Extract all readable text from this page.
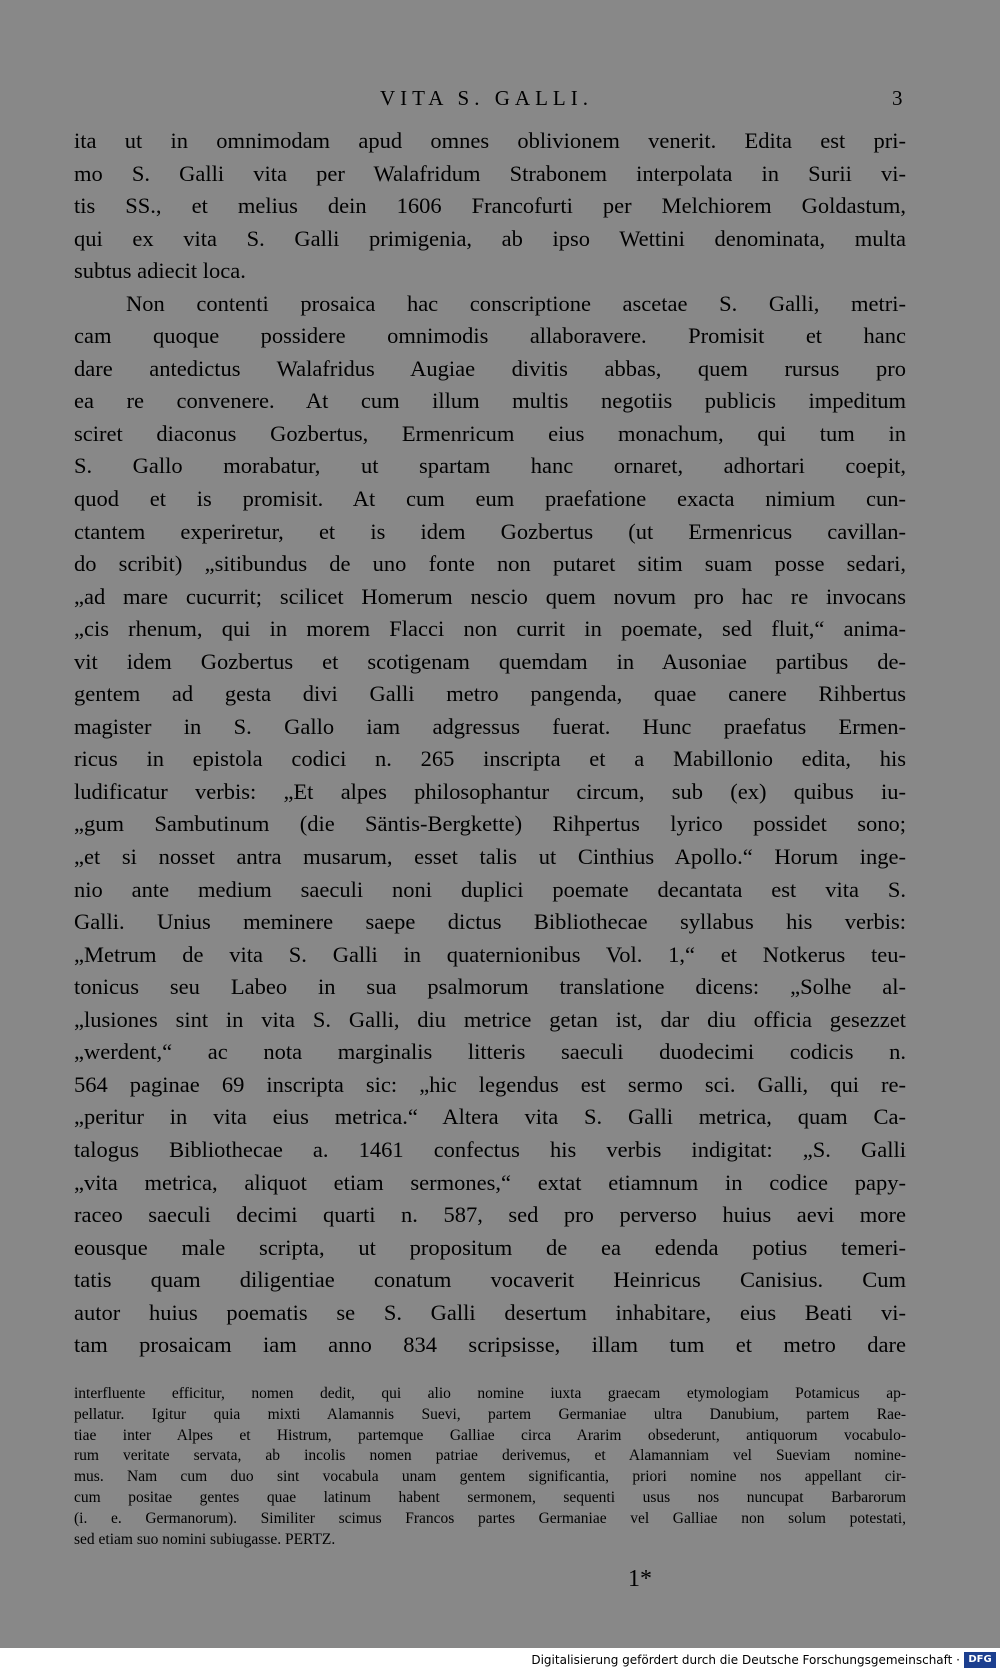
VITA S. GALLI.	3
ita ut in omnimodam apud omnes oblivionem venerit. Edita est pri-
mo S. Galli vita per Walafridum Strabonem interpolata in Surii vi-
tis SS., et melius dein 1606 Francofurti per Melchiorem Goldastum,
qui ex vita S. Galli primigenia, ab ipso Wettini denominata, multa
subtus adiecit loca.
Non contenti prosaica hac conscriptione ascetae S. Galli, metri-
cam quoque possidere omnimodis allaboravere. Promisit et hanc
dare antedictus Walafridus Augiae divitis abbas, quem rursus pro
ea re convenere. At cum illum multis negotiis publicis impeditum
sciret diaconus Gozbertus, Ermenricum eius monachum, qui tum in
S. Gallo morabatur, ut spartam hanc ornaret, adhortari coepit,
quod et is promisit. At cum eum praefatione exacta nimium cun-
ctantem experiretur, et is idem Gozbertus (ut Ermenricus cavillan-
do scribit) „sitibundus de uno fonte non putaret sitim suam posse sedari,
„ad mare cucurrit; scilicet Homerum nescio quem novum pro hac re invocans
„cis rhenum, qui in morem Flacci non currit in poemate, sed fluit,“ anima-
vit idem Gozbertus et scotigenam quemdam in Ausoniae partibus de-
gentem ad gesta divi Galli metro pangenda, quae canere Rihbertus
magister in S. Gallo iam adgressus fuerat. Hunc praefatus Ermen-
ricus in epistola codici n. 265 inscripta et a Mabillonio edita, his
ludificatur verbis: „Et alpes philosophantur circum, sub (ex) quibus iu-
„gum Sambutinum (die Säntis-Bergkette) Rihpertus lyrico possidet sono;
„et si nosset antra musarum, esset talis ut Cinthius Apollo.“ Horum inge-
nio ante medium saeculi noni duplici poemate decantata est vita S.
Galli. Unius meminere saepe dictus Bibliothecae syllabus his verbis:
„Metrum de vita S. Galli in quaternionibus Vol. 1,“ et Notkerus teu-
tonicus seu Labeo in sua psalmorum translatione dicens: „Solhe al-
„lusiones sint in vita S. Galli, diu metrice getan ist, dar diu officia gesezzet
„werdent,“ ac nota marginalis litteris saeculi duodecimi codicis n.
564 paginae 69 inscripta sic: „hic legendus est sermo sci. Galli, qui re-
„peritur in vita eius metrica.“ Altera vita S. Galli metrica, quam Ca-
talogus Bibliothecae a. 1461 confectus his verbis indigitat: „S. Galli
„vita metrica, aliquot etiam sermones,“ extat etiamnum in codice papy-
raceo saeculi decimi quarti n. 587, sed pro perverso huius aevi more
eousque male scripta, ut propositum de ea edenda potius temeri-
tatis quam diligentiae conatum vocaverit Heinricus Canisius. Cum
autor huius poematis se S. Galli desertum inhabitare, eius Beati vi-
tam prosaicam iam anno 834 scripsisse, illam tum et metro dare
interfluente efficitur, nomen dedit, qui alio nomine iuxta graecam etymologiam Potamicus ap-
pellatur. Igitur quia mixti Alamannis Suevi, partem Germaniae ultra Danubium, partem Rae-
tiae inter Alpes et Histrum, partemque Galliae circa Ararim obsederunt, antiquorum vocabulo-
rum veritate servata, ab incolis nomen patriae derivemus, et Alamanniam vel Sueviam nomine-
mus. Nam cum duo sint vocabula unam gentem significantia, priori nomine nos appellant cir-
cum positae gentes quae latinum habent sermonem, sequenti usus nos nuncupat Barbarorum
(i. e. Germanorum). Similiter scimus Francos partes Germaniae vel Galliae non solum potestati,
sed etiam suo nomini subiugasse. PERTZ.
1*
Digitalisierung gefördert durch die Deutsche Forschungsgemeinschaft · DFG
